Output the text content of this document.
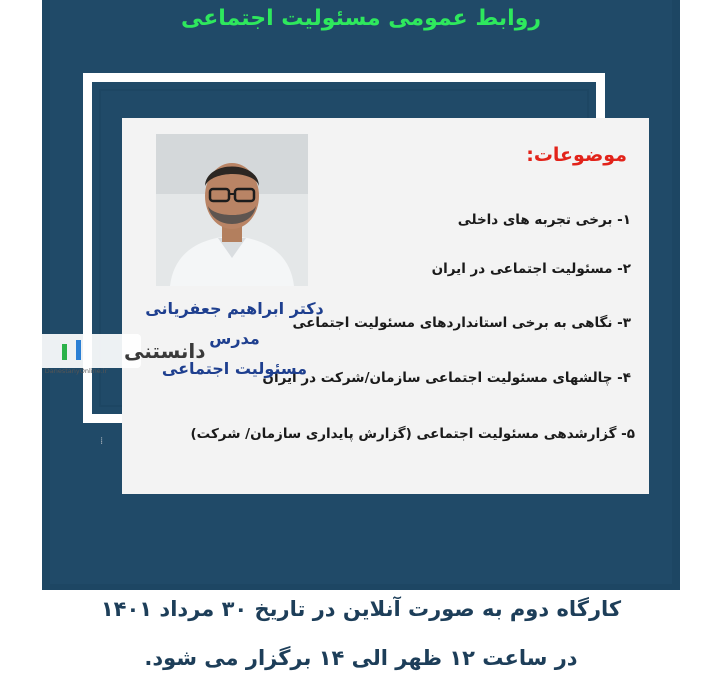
روابط عمومی مسئولیت اجتماعی
⁞
موضوعات:
۱- برخی تجربه های داخلی
۲- مسئولیت اجتماعی در ایران
۳- نگاهی به برخی استانداردهای مسئولیت اجتماعی
۴- چالشهای مسئولیت اجتماعی سازمان/شرکت در ایران
۵- گزارشدهی مسئولیت اجتماعی (گزارش پایداری سازمان/ شرکت)
دکتر ابراهیم جعفریانی
مدرس
مسئولیت اجتماعی
دانستنی
DanestanyOnline.ir
کارگاه دوم به صورت آنلاین در تاریخ ۳۰ مرداد ۱۴۰۱
در ساعت ۱۲ ظهر الی ۱۴ برگزار می شود.
